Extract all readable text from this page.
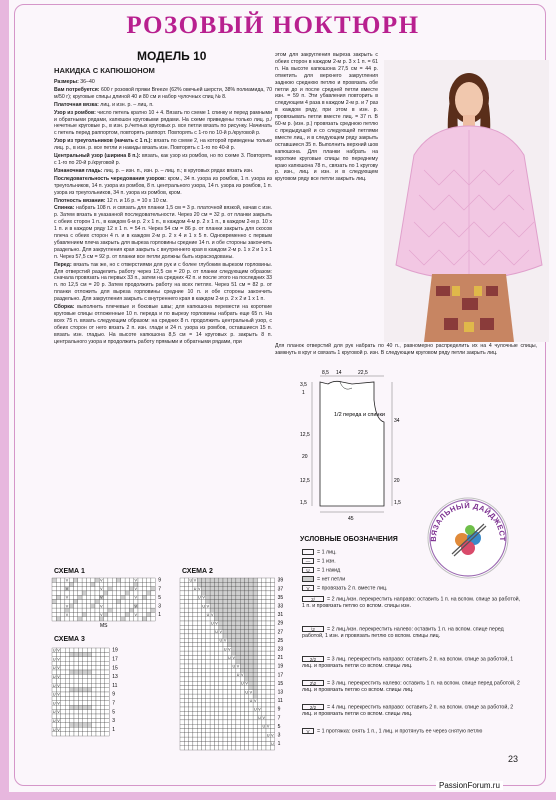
РОЗОВЫЙ НОКТЮРН
МОДЕЛЬ 10
НАКИДКА С КАПЮШОНОМ

Размеры: 36–40

Вам потребуется: 600 г розовой пряжи Breeze (62% овечьей шерсти, 38% полиамида, 70 м/50 г); круговые спицы длиной 40 и 80 см и набор чулочных спиц № 8.

Платочная вязка: лиц. и изн. р. – лиц. п.

Узор из ромбов: число петель кратно 10 + 4. Вязать по схеме 1 спинку и перед рамными и обратными рядами, капюшон круговыми рядами. На схеме приведены только лиц. р./нечетные круговые р., в изн. р./четных круговых р. все петли вязать по рисунку. Начинать с петель перед раппортом, повторять раппорт. Повторять с 1-го по 10-й р./круговой р.

Узор из треугольников (начать с 1 п.): вязать по схеме 2, на которой приведены только лиц. р., в изн. р. все петли и накиды вязать изн. Повторять с 1-го по 40-й р.

Центральный узор (ширина 8 п.): вязать, как узор из ромбов, но по схеме 3. Повторять с 1-го по 20-й р./круговой р.

Изнаночная гладь: лиц. р. – изн. п., изн. р. – лиц. п.; в круговых рядах вязать изн.

Последовательность чередования узоров: кром., 34 п. узора из ромбов, 1 п. узора из треугольников, 14 п. узора из ромбов, 8 п. центрального узора, 14 п. узора из ромбов, 1 п. узора из треугольников, 34 п. узора из ромбов, кром.

Плотность вязания: 12 п. и 16 р. = 10 х 10 см.

Спинка: набрать 108 п. и связать для планки 1,5 см = 3 р. платочной вязкой, начав с изн. р. Затем вязать в указанной последовательности. Через 20 см = 32 р. от планки закрыть с обеих сторон 1 п., в каждом 6-м р. 2 х 1 п., в каждом 4-м р. 2 х 1 п., в каждом 2-м р. 10 х 1 п. и в каждом ряду 12 х 1 п. = 54 п. Через 54 см = 86 р. от планки закрыть для скосов плеча с обеих сторон 4 п. и в каждом 2-м р. 2 х 4 и 1 х 5 п. Одновременно с первым убавлением плеча закрыть для выреза горловины средние 14 п. и обе стороны закончить раздельно. Для закругления края закрыть с внутреннего края в каждом 2-м р. 1 х 2 и 1 х 1 п. Через 57,5 см = 92 р. от планки все петли должны быть израсходованы.

Перед: вязать так же, но с отверстиями для рук и с более глубоким вырезом горловины. Для отверстий разделить работу через 12,5 см = 20 р. от планки следующим образом: сначала провязать на первых 33 п., затем на средних 42 п. и после этого на последних 33 п. по 12,5 см = 20 р. Затем продолжить работу на всех петлях. Через 51 см = 82 р. от планки отложить для выреза горловины средние 10 п. и обе стороны закончить раздельно. Для закругления закрыть с внутреннего края в каждом 2-м р. 2 х 2 и 1 х 1 п.

Сборка: выполнить плечевые и боковые швы; для капюшона перевести на короткие круговые спицы отложенные 10 п. переда и по вырезу горловины набрать еще 65 п. На всех 75 п. вязать следующим образом: на средних 8 п. продолжить центральный узор, с обеих сторон от него вязать 2 п. изн. глади и 24 п. узора из ромбов, оставшиеся 15 п. вязать изн. гладью. На высоте капюшона 8,5 см = 14 круговых р. закрыть 8 п. центрального узора и продолжить работу прямыми и обратными рядами, при

этом для закругления выреза закрыть с обеих сторон в каждом 2-м р. 3 х 1 п. = 61 п. На высоте капюшона 27,5 см = 44 р. отметить для верхнего закругления заднюю среднюю петлю и провязать обе петли до и после средней петли вместе изн. = 59 п. Эти убавления повторить в следующем 4 раза в каждом 2-м р. и 7 раз в каждом ряду, при этом в изн. р. провязывать петли вместе лиц. = 37 п. В 60-м р. (изн. р.) провязать среднюю петлю с предыдущей и со следующей петлями вместе лиц., и в следующем ряду закрыть оставшиеся 35 п. Выполнить верхний шов капюшона. Для планки набрать на короткие круговые спицы по переднему краю капюшона 78 п., связать по 1 кругову р. изн., лиц. и изн. и в следующем круговом ряду все петли закрыть лиц.

Для планок отверстий для рук набрать по 40 п., равномерно распределить их на 4 чулочные спицы, замкнуть в круг и связать 1 круговой р. изн. В следующем круговом ряду петли закрыть лиц.

8,5 14	22,5
3,5
1
12,5
20
12,5
1,5
34
20
1,5
45
1/2 переда и спинки
ВЯЗАЛЬНЫЙ ДАЙДЖЕСТ
УСЛОВНЫЕ ОБОЗНАЧЕНИЯ
= 1 лиц.
— = 1 изн.
U = 1 накид
= нет петли
V = провязать 2 п. вместе лиц.
2/ = 2 лиц./изн. перекрестить направо: оставить 1 п. на вспом. спице за работой, 1 п. и провязать петлю со вспом. спицы изн.
\2 = 2 лиц./изн. перекрестить налево: оставить 1 п. на вспом. спице перед работой, 1 изн. и провязать петлю со вспом. спицы лиц.
2/2 = 3 лиц. перекрестить направо: оставить 2 п. на вспом. спице за работой, 1 лиц. и провязать петли со вспом. спицы лиц.
2\2 = 3 лиц. перекрестить налево: оставить 1 п. на вспом. спице перед работой, 2 лиц. и провязать петлю со вспом. спицы лиц.
2/2 = 4 лиц. перекрестить направо: оставить 2 п. на вспом. спице за работой, 2 лиц. и провязать петли со вспом. спицы лиц.
V = 1 протяжка: снять 1 п., 1 лиц. и протянуть ее через снятую петлю
СХЕМА 1
V	V	V
V	V	V
V	V	V
V	V	V
V	V	V
9
7
5
3
1
MS
СХЕМА 3
U V
U V
U V
U V
U V
U V
U V
U V
U V
U V
19
17
15
13
11
9
7
5
3
1
СХЕМА 2
U V
U V
U V
U V
U V
U V
U V
U V
U V
U V
U V
U V
U V
U V
U V
U V
U V
U V
U V
U
39
37
35
33
31
29
27
25
23
21
19
17
15
13
11
9
7
5
3
1
23
PassionForum.ru
